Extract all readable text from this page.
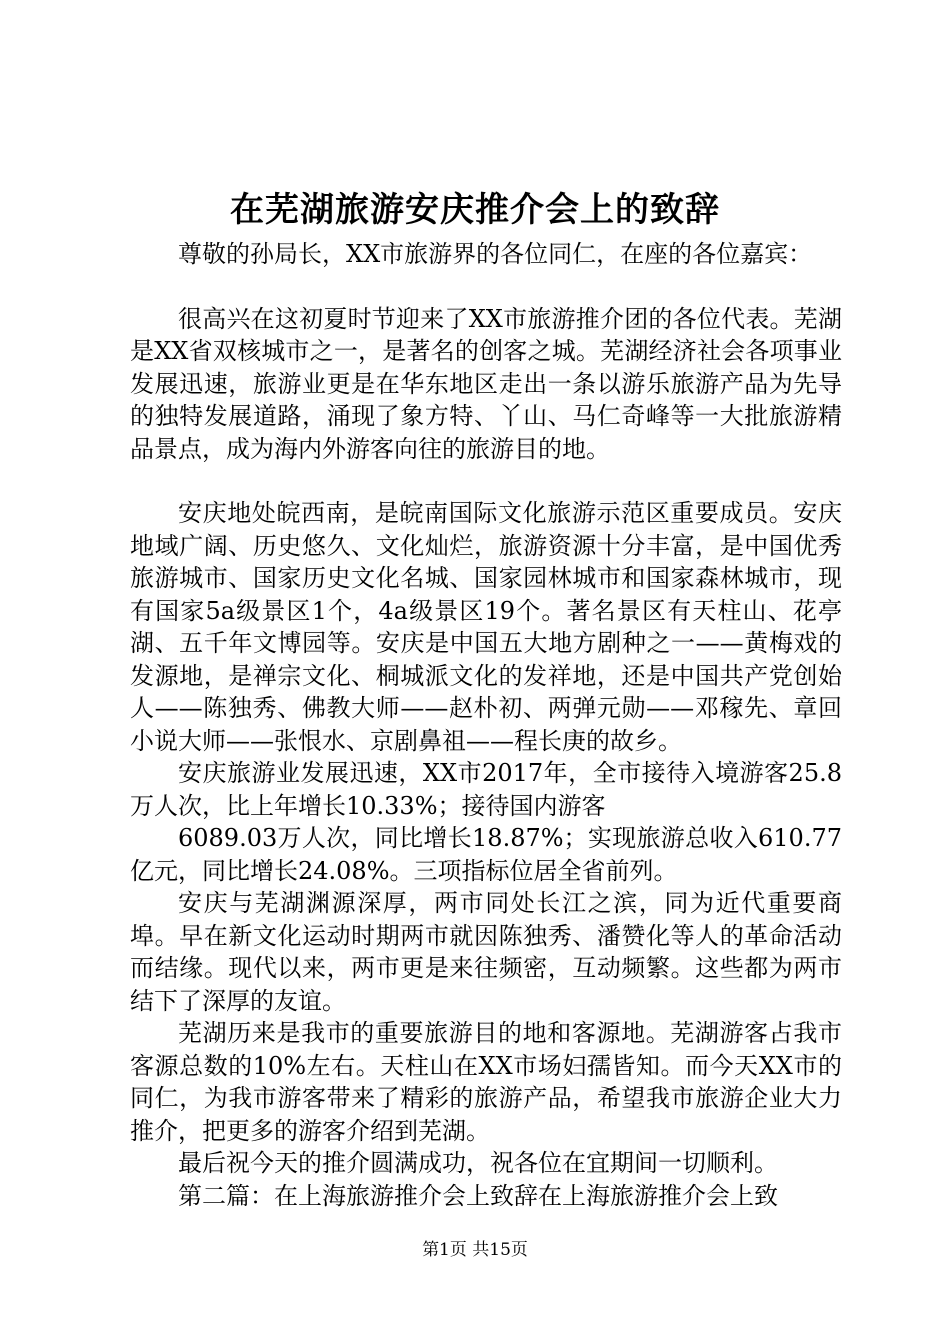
在芜湖旅游安庆推介会上的致辞

尊敬的孙局长，XX市旅游界的各位同仁，在座的各位嘉宾：

很高兴在这初夏时节迎来了XX市旅游推介团的各位代表。芜湖是XX省双核城市之一，是著名的创客之城。芜湖经济社会各项事业发展迅速，旅游业更是在华东地区走出一条以游乐旅游产品为先导的独特发展道路，涌现了象方特、丫山、马仁奇峰等一大批旅游精品景点，成为海内外游客向往的旅游目的地。

安庆地处皖西南，是皖南国际文化旅游示范区重要成员。安庆地域广阔、历史悠久、文化灿烂，旅游资源十分丰富，是中国优秀旅游城市、国家历史文化名城、国家园林城市和国家森林城市，现有国家5a级景区1个，4a级景区19个。著名景区有天柱山、花亭湖、五千年文博园等。安庆是中国五大地方剧种之一——黄梅戏的发源地，是禅宗文化、桐城派文化的发祥地，还是中国共产党创始人——陈独秀、佛教大师——赵朴初、两弹元勋——邓稼先、章回小说大师——张恨水、京剧鼻祖——程长庚的故乡。

安庆旅游业发展迅速，XX市2017年，全市接待入境游客25.8万人次，比上年增长10.33%；接待国内游客

6089.03万人次，同比增长18.87%；实现旅游总收入610.77亿元，同比增长24.08%。三项指标位居全省前列。

安庆与芜湖渊源深厚，两市同处长江之滨，同为近代重要商埠。早在新文化运动时期两市就因陈独秀、潘赞化等人的革命活动而结缘。现代以来，两市更是来往频密，互动频繁。这些都为两市结下了深厚的友谊。

芜湖历来是我市的重要旅游目的地和客源地。芜湖游客占我市客源总数的10%左右。天柱山在XX市场妇孺皆知。而今天XX市的同仁，为我市游客带来了精彩的旅游产品，希望我市旅游企业大力推介，把更多的游客介绍到芜湖。

最后祝今天的推介圆满成功，祝各位在宜期间一切顺利。

第二篇：在上海旅游推介会上致辞在上海旅游推介会上致

第1页 共15页
